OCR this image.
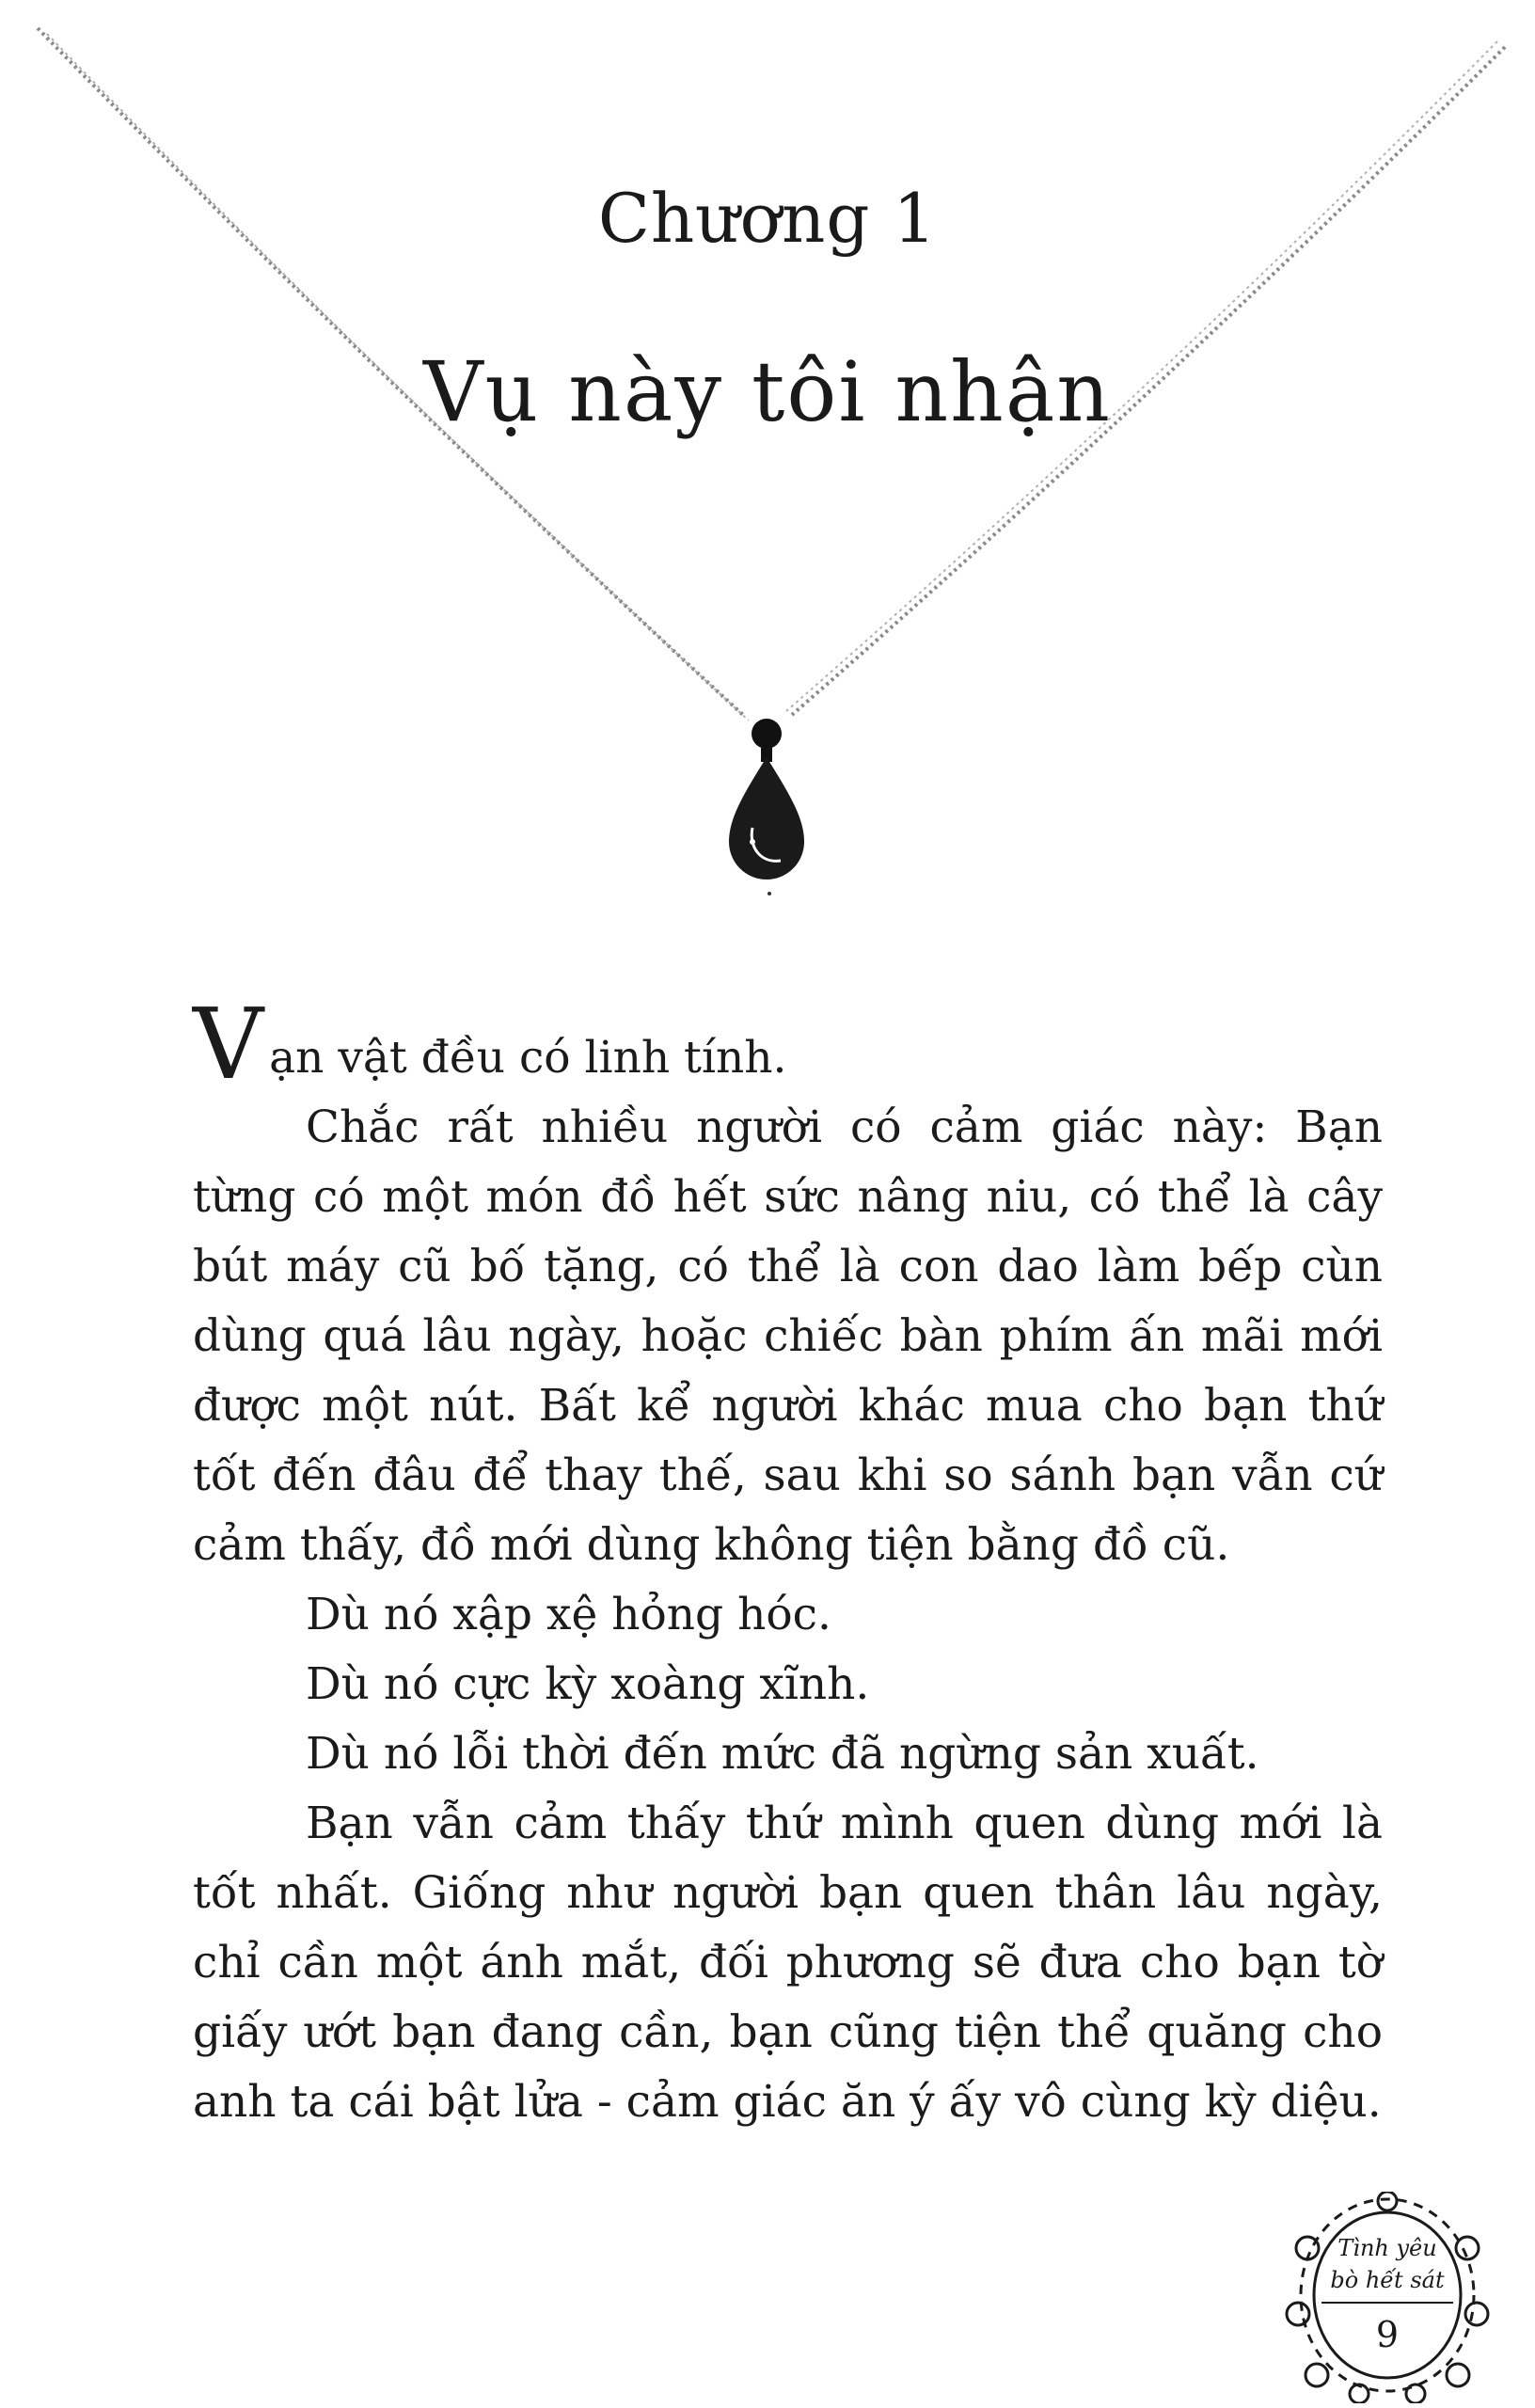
Chương 1
Vụ này tôi nhận

Vạn vật đều có linh tính.

Chắc rất nhiều người có cảm giác này: Bạn từng có một món đồ hết sức nâng niu, có thể là cây bút máy cũ bố tặng, có thể là con dao làm bếp cùn dùng quá lâu ngày, hoặc chiếc bàn phím ấn mãi mới được một nút. Bất kể người khác mua cho bạn thứ tốt đến đâu để thay thế, sau khi so sánh bạn vẫn cứ cảm thấy, đồ mới dùng không tiện bằng đồ cũ.

Dù nó xập xệ hỏng hóc.

Dù nó cực kỳ xoàng xĩnh.

Dù nó lỗi thời đến mức đã ngừng sản xuất.

Bạn vẫn cảm thấy thứ mình quen dùng mới là tốt nhất. Giống như người bạn quen thân lâu ngày, chỉ cần một ánh mắt, đối phương sẽ đưa cho bạn tờ giấy ướt bạn đang cần, bạn cũng tiện thể quăng cho anh ta cái bật lửa - cảm giác ăn ý ấy vô cùng kỳ diệu.

Tình yêu
bò hết sát
9
